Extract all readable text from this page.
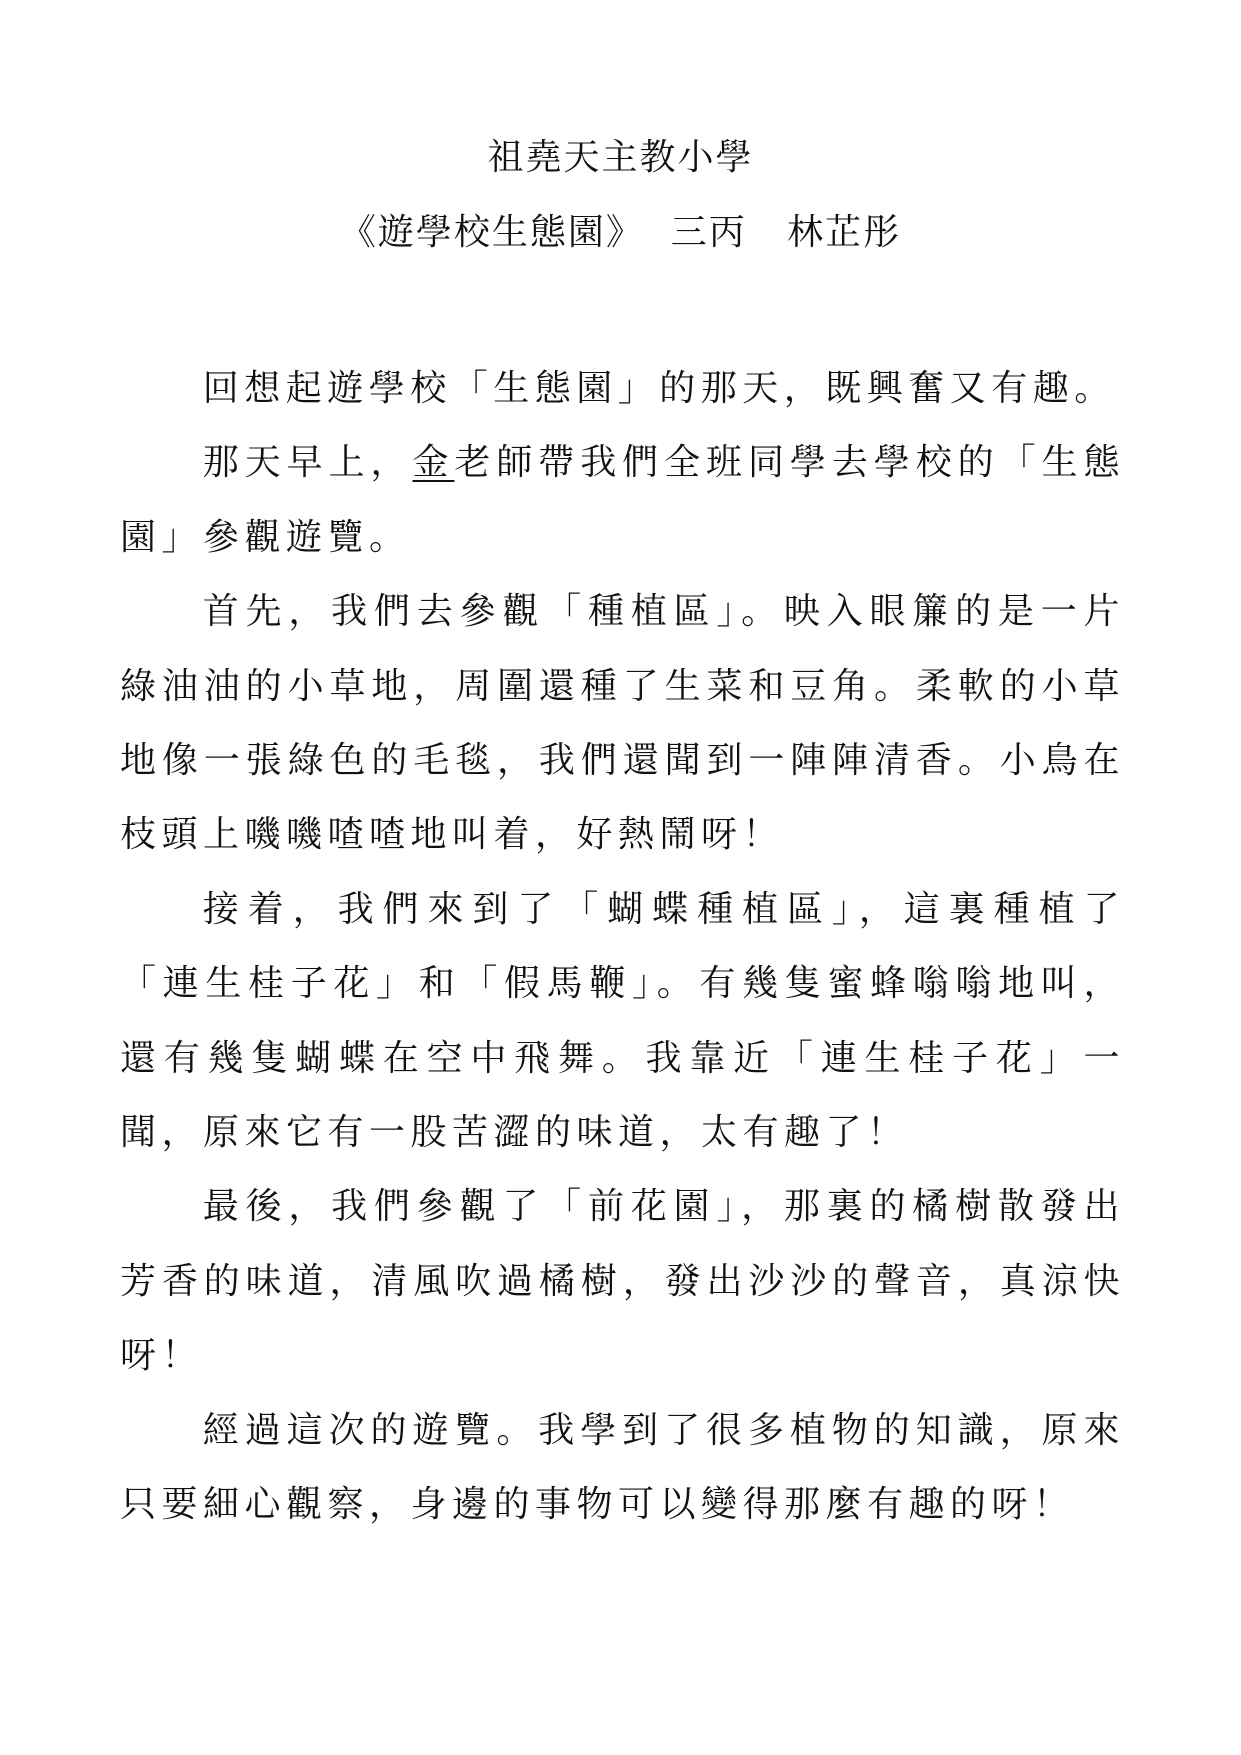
祖堯天主教小學
《遊學校生態園》 三丙 林芷彤

回想起遊學校「生態園」的那天，既興奮又有趣。

那天早上，金老師帶我們全班同學去學校的「生態園」參觀遊覽。

首先，我們去參觀「種植區」。映入眼簾的是一片綠油油的小草地，周圍還種了生菜和豆角。柔軟的小草地像一張綠色的毛毯，我們還聞到一陣陣清香。小鳥在枝頭上嘰嘰喳喳地叫着，好熱鬧呀！

接着，我們來到了「蝴蝶種植區」，這裏種植了「連生桂子花」和「假馬鞭」。有幾隻蜜蜂嗡嗡地叫，還有幾隻蝴蝶在空中飛舞。我靠近「連生桂子花」一聞，原來它有一股苦澀的味道，太有趣了！

最後，我們參觀了「前花園」，那裏的橘樹散發出芳香的味道，清風吹過橘樹，發出沙沙的聲音，真涼快呀！

經過這次的遊覽。我學到了很多植物的知識，原來只要細心觀察，身邊的事物可以變得那麼有趣的呀！
